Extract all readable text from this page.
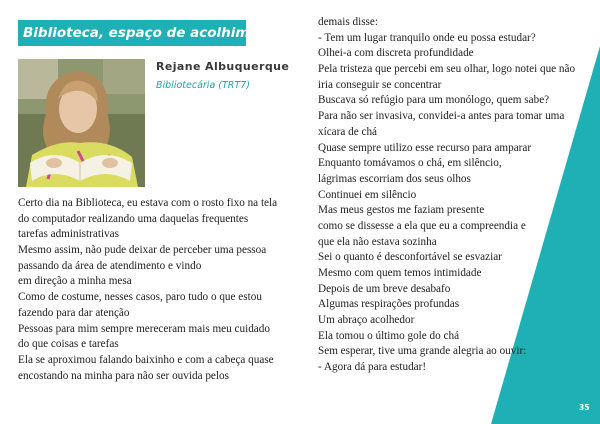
Biblioteca, espaço de acolhimento
Rejane Albuquerque
Bibliotecária (TRT7)
Certo dia na Biblioteca, eu estava com o rosto fixo na tela
do computador realizando uma daquelas frequentes
tarefas administrativas
Mesmo assim, não pude deixar de perceber uma pessoa
passando da área de atendimento e vindo
em direção a minha mesa
Como de costume, nesses casos, paro tudo o que estou
fazendo para dar atenção
Pessoas para mim sempre mereceram mais meu cuidado
do que coisas e tarefas
Ela se aproximou falando baixinho e com a cabeça quase
encostando na minha para não ser ouvida pelos
demais disse:
- Tem um lugar tranquilo onde eu possa estudar?
Olhei-a com discreta profundidade
Pela tristeza que percebi em seu olhar, logo notei que não
iria conseguir se concentrar
Buscava só refúgio para um monólogo, quem sabe?
Para não ser invasiva, convidei-a antes para tomar uma
xícara de chá
Quase sempre utilizo esse recurso para amparar
Enquanto tomávamos o chá, em silêncio,
lágrimas escorriam dos seus olhos
Continuei em silêncio
Mas meus gestos me faziam presente
como se dissesse a ela que eu a compreendia e
que ela não estava sozinha
Sei o quanto é desconfortável se esvaziar
Mesmo com quem temos intimidade
Depois de um breve desabafo
Algumas respirações profundas
Um abraço acolhedor
Ela tomou o último gole do chá
Sem esperar, tive uma grande alegria ao ouvir:
- Agora dá para estudar!
35
